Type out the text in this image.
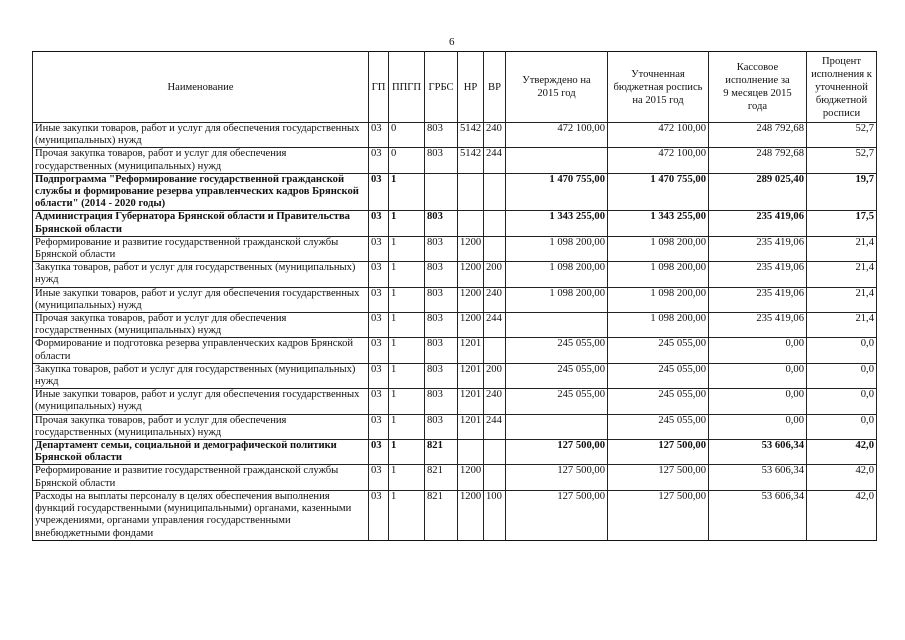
6
Наименование	ГП	ППГП	ГРБС	НР	ВР	Утверждено на 2015 год	Уточненная бюджетная роспись на 2015 год	Кассовое исполнение за 9 месяцев 2015 года	Процент исполнения к уточненной бюджетной росписи
Иные закупки товаров, работ и услуг для обеспечения государственных (муниципальных) нужд	03	0	803	5142	240	472 100,00	472 100,00	248 792,68	52,7
Прочая закупка товаров, работ и услуг для обеспечения государственных (муниципальных) нужд	03	0	803	5142	244		472 100,00	248 792,68	52,7
Подпрограмма "Реформирование государственной гражданской службы и формирование резерва управленческих кадров Брянской области" (2014 - 2020 годы)	03	1				1 470 755,00	1 470 755,00	289 025,40	19,7
Администрация Губернатора Брянской области и Правительства Брянской области	03	1	803			1 343 255,00	1 343 255,00	235 419,06	17,5
Реформирование и развитие государственной гражданской службы Брянской области	03	1	803	1200		1 098 200,00	1 098 200,00	235 419,06	21,4
Закупка товаров, работ и услуг для государственных (муниципальных) нужд	03	1	803	1200	200	1 098 200,00	1 098 200,00	235 419,06	21,4
Иные закупки товаров, работ и услуг для обеспечения государственных (муниципальных) нужд	03	1	803	1200	240	1 098 200,00	1 098 200,00	235 419,06	21,4
Прочая закупка товаров, работ и услуг для обеспечения государственных (муниципальных) нужд	03	1	803	1200	244		1 098 200,00	235 419,06	21,4
Формирование и подготовка резерва управленческих кадров Брянской области	03	1	803	1201		245 055,00	245 055,00	0,00	0,0
Закупка товаров, работ и услуг для государственных (муниципальных) нужд	03	1	803	1201	200	245 055,00	245 055,00	0,00	0,0
Иные закупки товаров, работ и услуг для обеспечения государственных (муниципальных) нужд	03	1	803	1201	240	245 055,00	245 055,00	0,00	0,0
Прочая закупка товаров, работ и услуг для обеспечения государственных (муниципальных) нужд	03	1	803	1201	244		245 055,00	0,00	0,0
Департамент семьи, социальной и демографической политики Брянской области	03	1	821			127 500,00	127 500,00	53 606,34	42,0
Реформирование и развитие государственной гражданской службы Брянской области	03	1	821	1200		127 500,00	127 500,00	53 606,34	42,0
Расходы на выплаты персоналу в целях обеспечения выполнения функций государственными (муниципальными) органами, казенными учреждениями, органами управления государственными внебюджетными фондами	03	1	821	1200	100	127 500,00	127 500,00	53 606,34	42,0
